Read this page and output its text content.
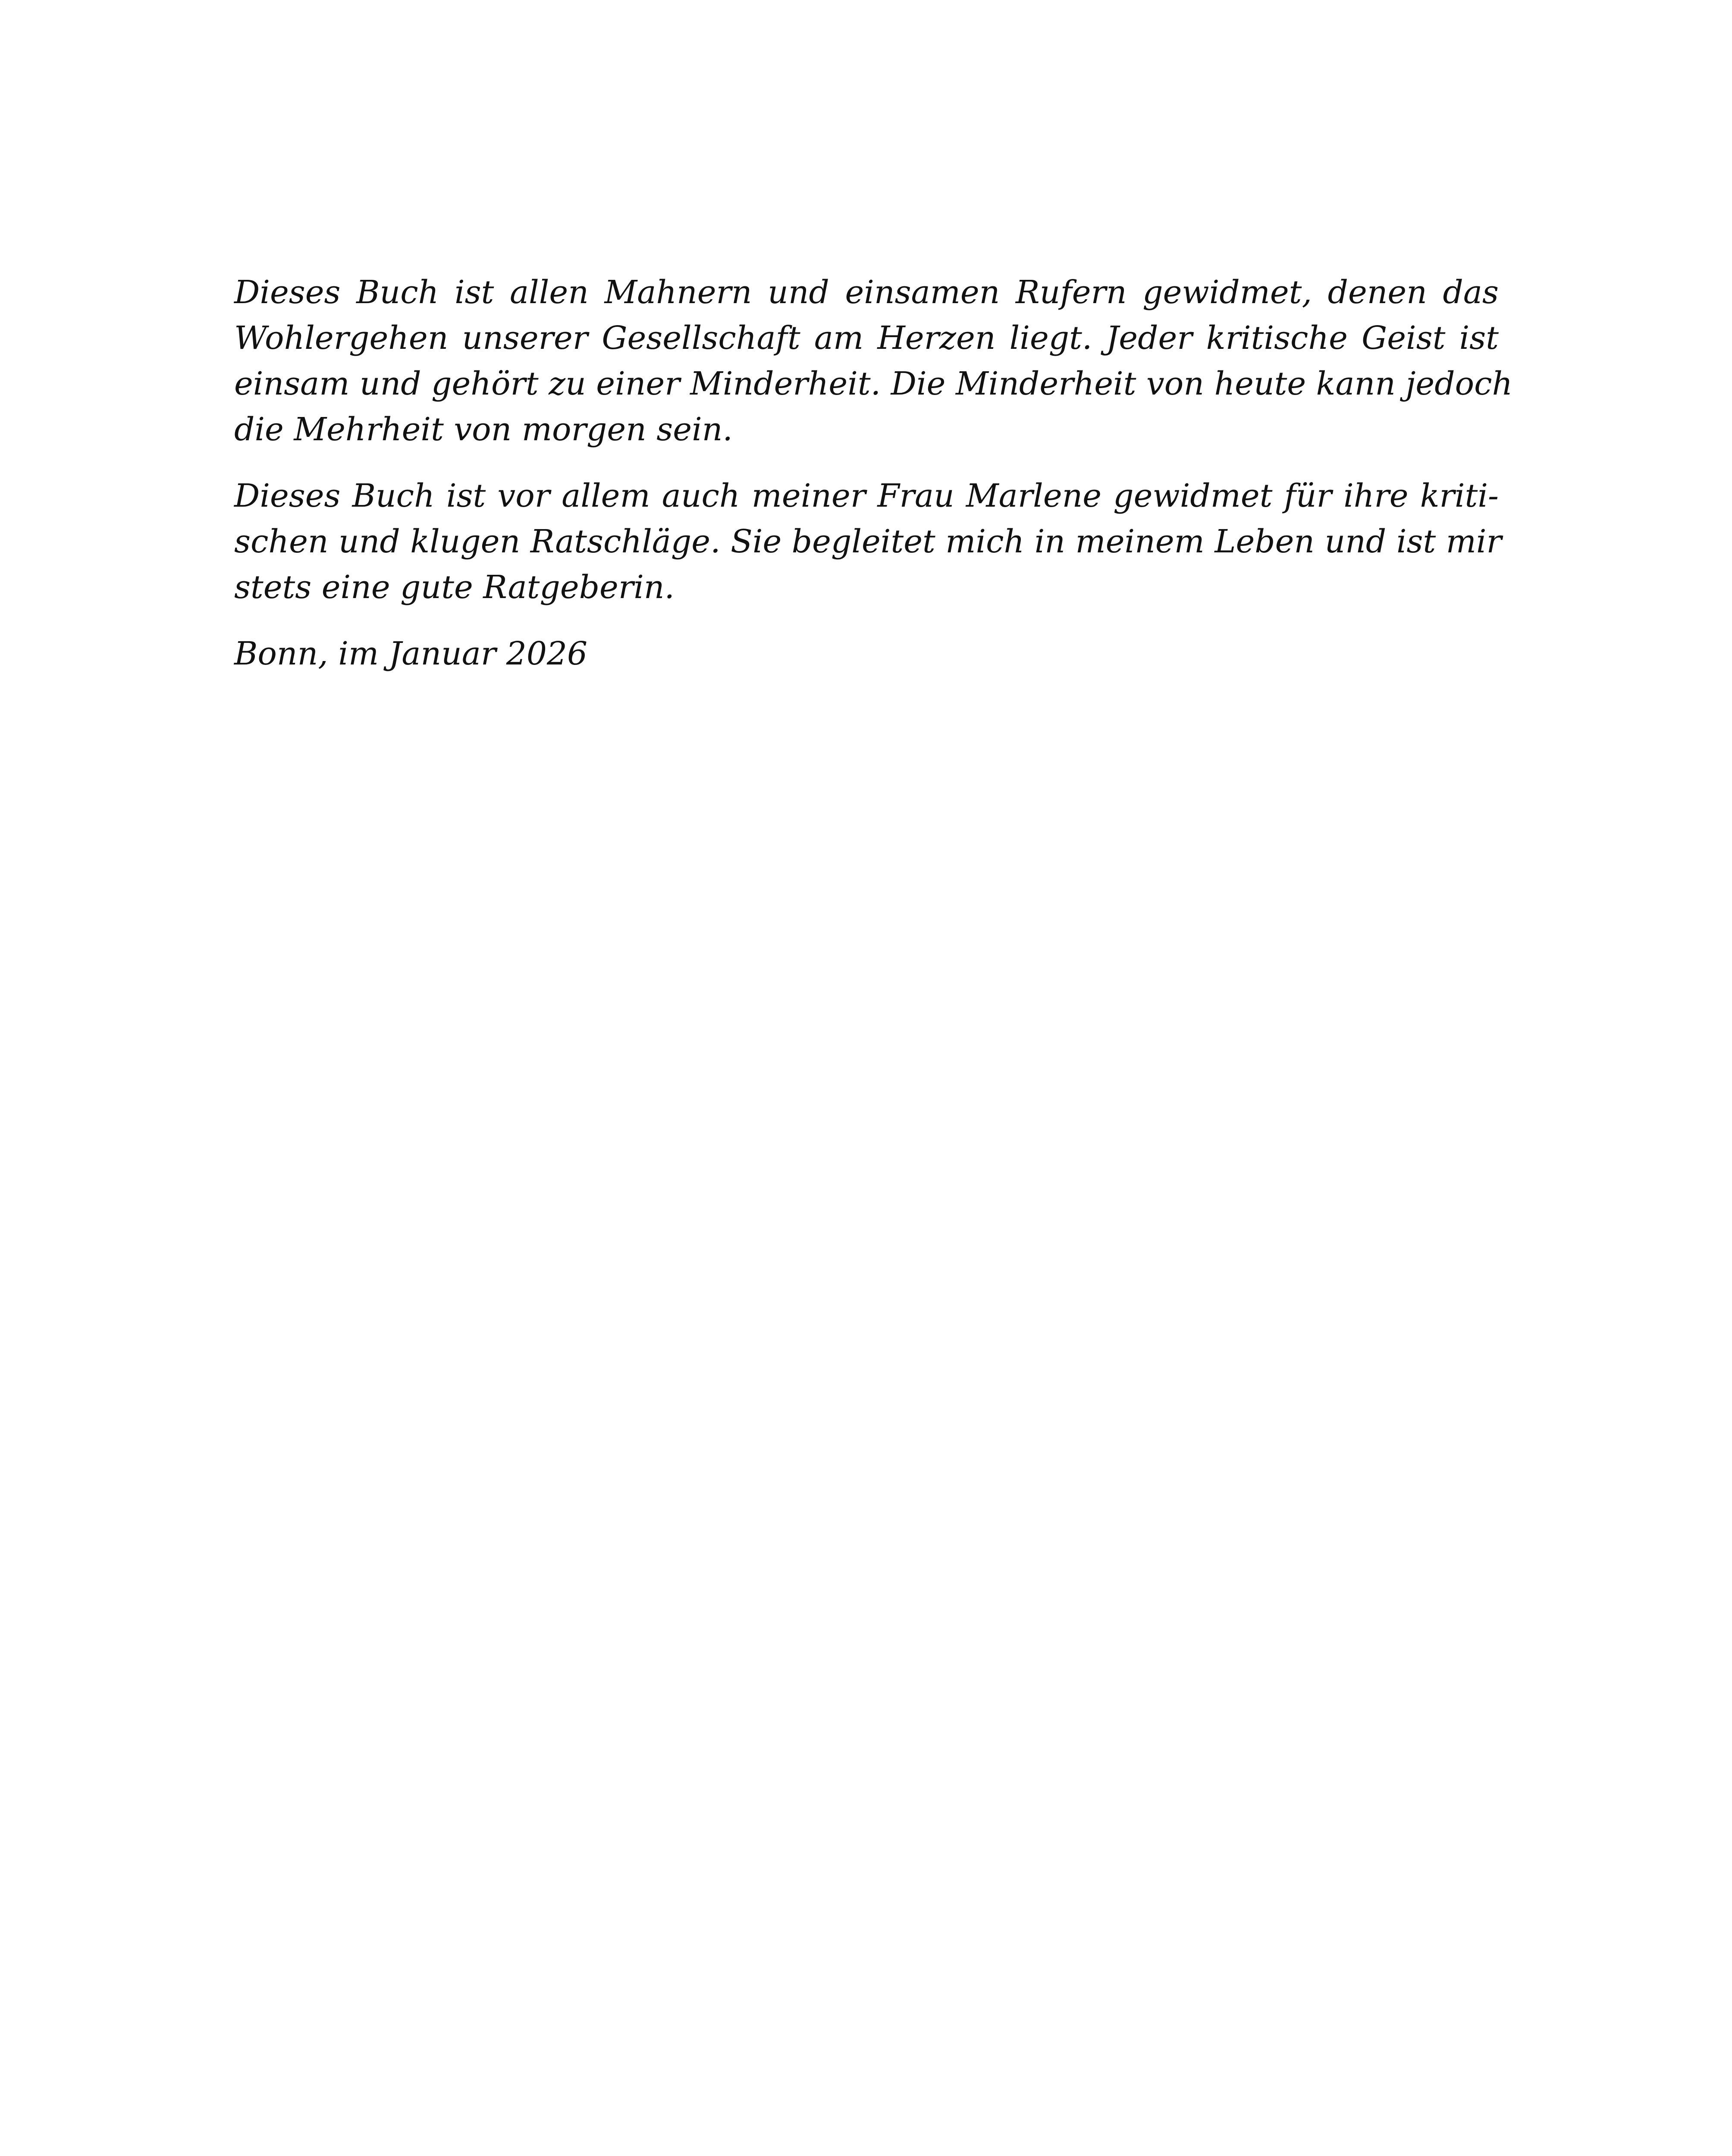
Dieses Buch ist allen Mahnern und einsamen Rufern gewidmet, denen das
Wohlergehen unserer Gesellschaft am Herzen liegt. Jeder kritische Geist ist
einsam und gehört zu einer Minderheit. Die Minderheit von heute kann jedoch
die Mehrheit von morgen sein.

Dieses Buch ist vor allem auch meiner Frau Marlene gewidmet für ihre kriti-
schen und klugen Ratschläge. Sie begleitet mich in meinem Leben und ist mir
stets eine gute Ratgeberin.

Bonn, im Januar 2026
